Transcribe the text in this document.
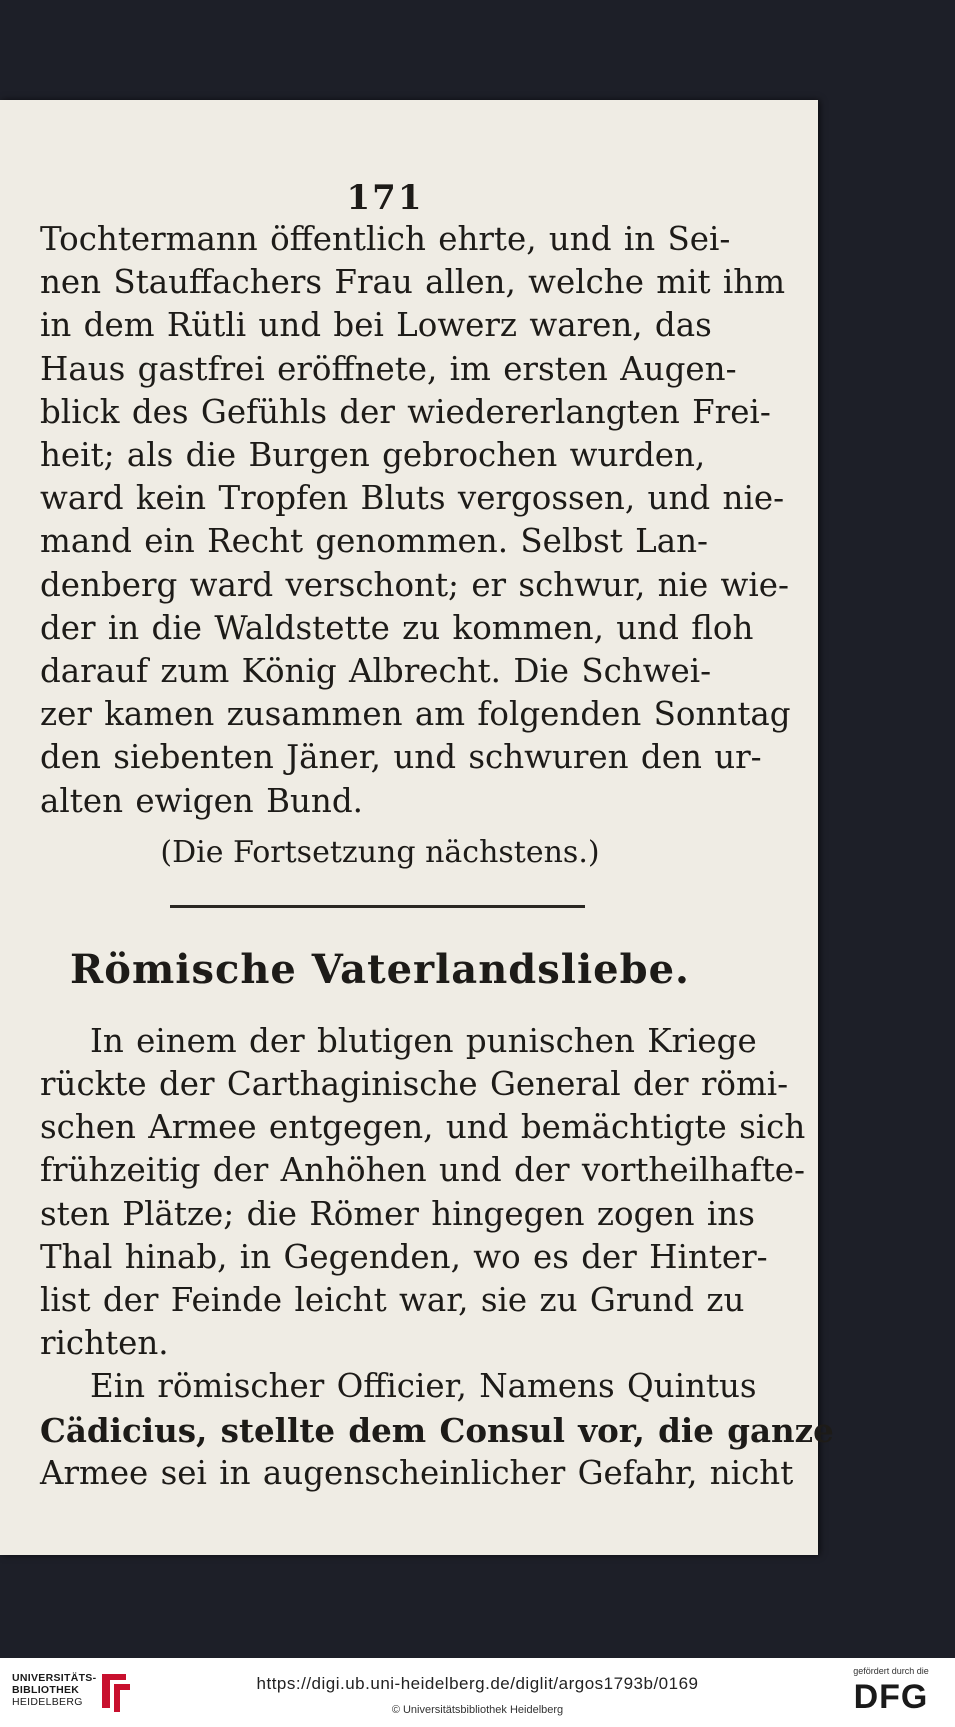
171

Tochtermann öffentlich ehrte, und in Sei-
nen Stauffachers Frau allen, welche mit ihm
in dem Rütli und bei Lowerz waren, das
Haus gastfrei eröffnete, im ersten Augen-
blick des Gefühls der wiedererlangten Frei-
heit; als die Burgen gebrochen wurden,
ward kein Tropfen Bluts vergossen, und nie-
mand ein Recht genommen. Selbst Lan-
denberg ward verschont; er schwur, nie wie-
der in die Waldstette zu kommen, und floh
darauf zum König Albrecht. Die Schwei-
zer kamen zusammen am folgenden Sonntag
den siebenten Jäner, und schwuren den ur-
alten ewigen Bund.

(Die Fortsetzung nächstens.)
Römische Vaterlandsliebe.

In einem der blutigen punischen Kriege
rückte der Carthaginische General der römi-
schen Armee entgegen, und bemächtigte sich
frühzeitig der Anhöhen und der vortheilhafte-
sten Plätze; die Römer hingegen zogen ins
Thal hinab, in Gegenden, wo es der Hinter-
list der Feinde leicht war, sie zu Grund zu
richten.

Ein römischer Officier, Namens Quintus
Cädicius, stellte dem Consul vor, die ganze
Armee sei in augenscheinlicher Gefahr, nicht

UNIVERSITÄTS-
BIBLIOTHEK
HEIDELBERG
https://digi.ub.uni-heidelberg.de/diglit/argos1793b/0169
© Universitätsbibliothek Heidelberg
gefördert durch die
DFG
